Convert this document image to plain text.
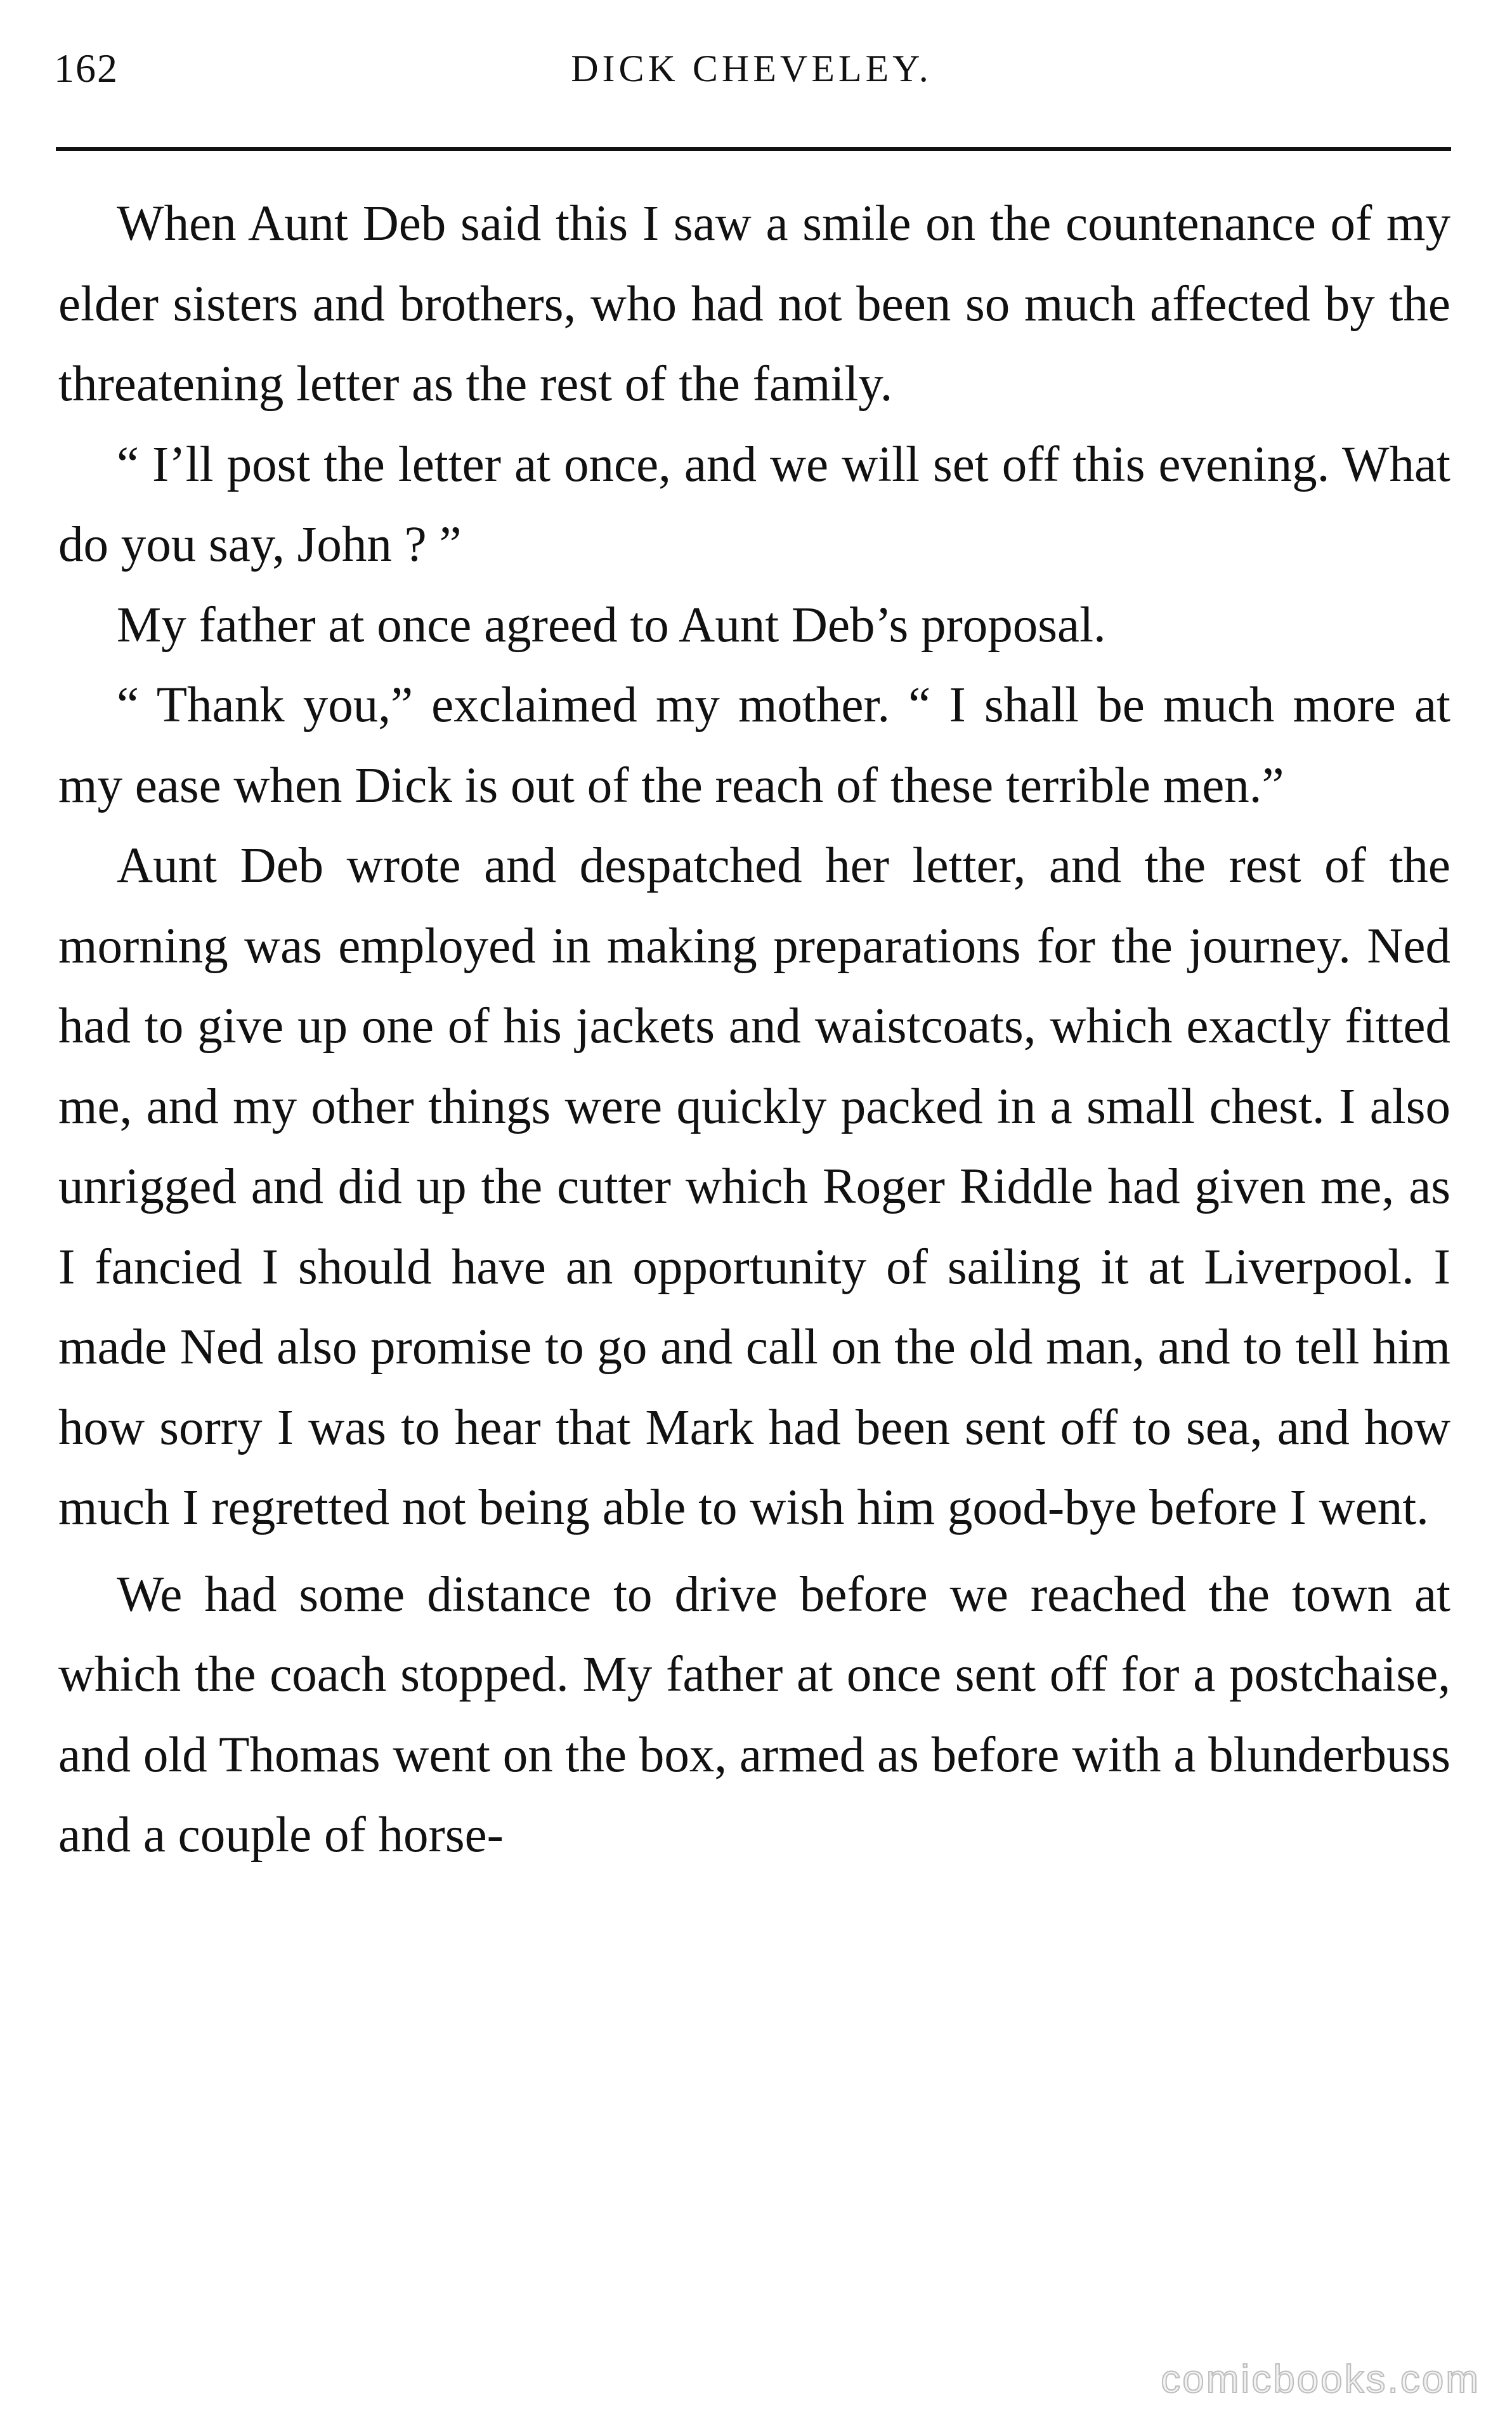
162	DICK CHEVELEY.

When Aunt Deb said this I saw a smile on the countenance of my elder sisters and brothers, who had not been so much affected by the threatening letter as the rest of the family.

“ I’ll post the letter at once, and we will set off this evening. What do you say, John ? ”

My father at once agreed to Aunt Deb’s proposal.

“ Thank you,” exclaimed my mother. “ I shall be much more at my ease when Dick is out of the reach of these terrible men.”

Aunt Deb wrote and despatched her letter, and the rest of the morning was employed in making preparations for the journey. Ned had to give up one of his jackets and waistcoats, which exactly fitted me, and my other things were quickly packed in a small chest. I also unrigged and did up the cutter which Roger Riddle had given me, as I fancied I should have an opportunity of sailing it at Liverpool. I made Ned also promise to go and call on the old man, and to tell him how sorry I was to hear that Mark had been sent off to sea, and how much I regretted not being able to wish him good-bye before I went.

We had some distance to drive before we reached the town at which the coach stopped. My father at once sent off for a postchaise, and old Thomas went on the box, armed as before with a blunderbuss and a couple of horse-

comicbooks.com
